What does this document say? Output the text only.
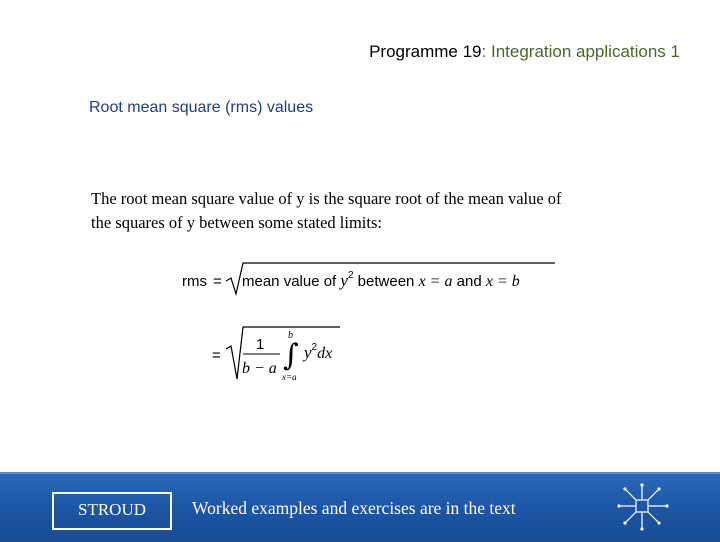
Programme 19: Integration applications 1
Root mean square (rms) values
The root mean square value of y is the square root of the mean value of
the squares of y between some stated limits:
rms = mean value of $y^2$ between x = a and x = b
=
1
b − a
b
∫
x=a
$y^2dx$
STROUD	Worked examples and exercises are in the text
